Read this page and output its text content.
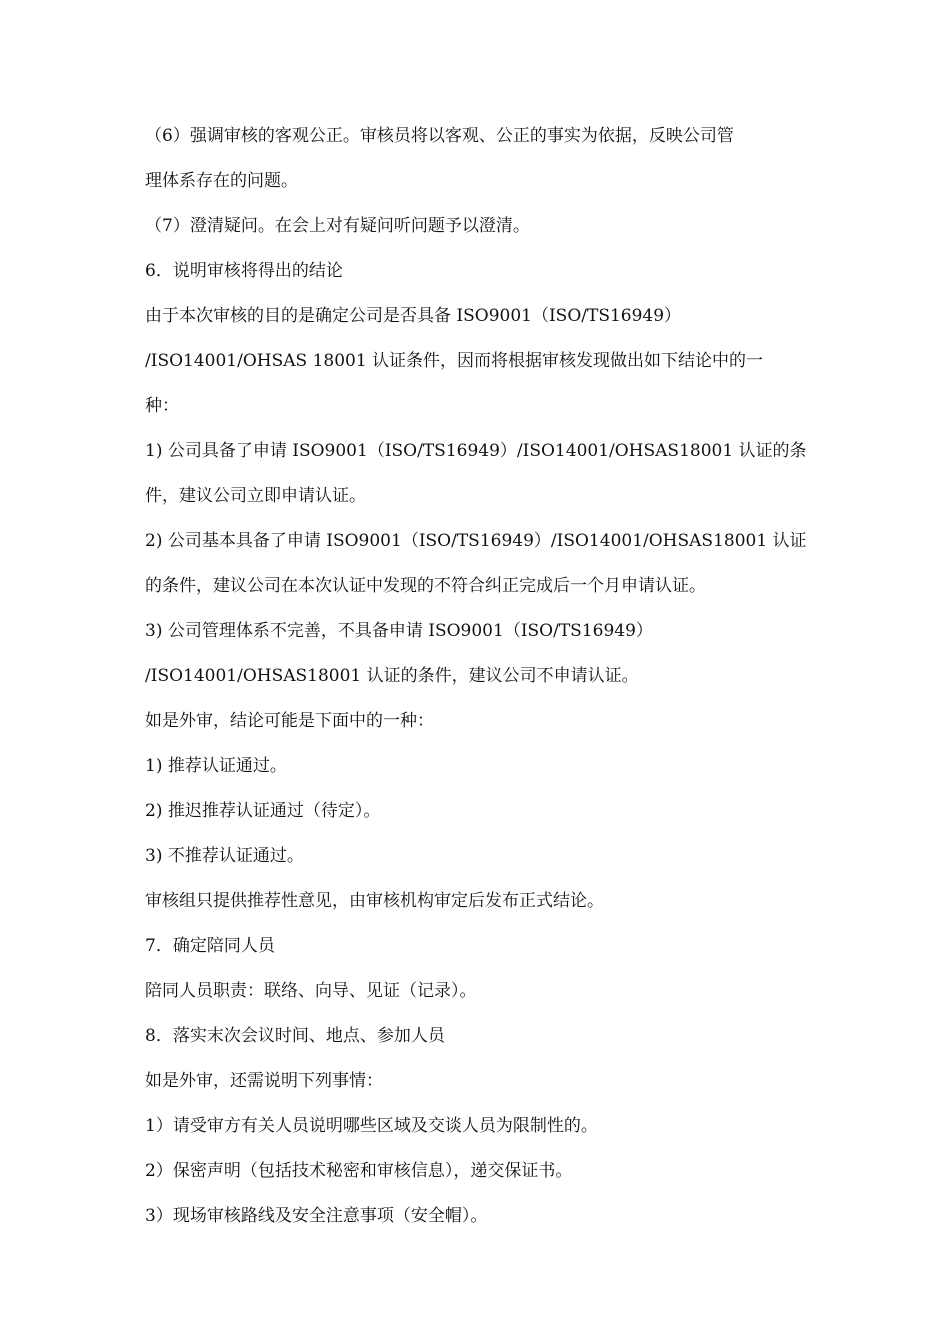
（6）强调审核的客观公正。审核员将以客观、公正的事实为依据，反映公司管
理体系存在的问题。
（7）澄清疑问。在会上对有疑问听问题予以澄清。
6．说明审核将得出的结论
由于本次审核的目的是确定公司是否具备 ISO9001（ISO/TS16949）
/ISO14001/OHSAS 18001 认证条件，因而将根据审核发现做出如下结论中的一
种：
1) 公司具备了申请 ISO9001（ISO/TS16949）/ISO14001/OHSAS18001 认证的条
件，建议公司立即申请认证。
2) 公司基本具备了申请 ISO9001（ISO/TS16949）/ISO14001/OHSAS18001 认证
的条件，建议公司在本次认证中发现的不符合纠正完成后一个月申请认证。
3) 公司管理体系不完善，不具备申请 ISO9001（ISO/TS16949）
/ISO14001/OHSAS18001 认证的条件，建议公司不申请认证。
如是外审，结论可能是下面中的一种：
1) 推荐认证通过。
2) 推迟推荐认证通过（待定）。
3) 不推荐认证通过。
审核组只提供推荐性意见，由审核机构审定后发布正式结论。
7．确定陪同人员
陪同人员职责：联络、向导、见证（记录）。
8．落实末次会议时间、地点、参加人员
如是外审，还需说明下列事情：
1）请受审方有关人员说明哪些区域及交谈人员为限制性的。
2）保密声明（包括技术秘密和审核信息），递交保证书。
3）现场审核路线及安全注意事项（安全帽）。
